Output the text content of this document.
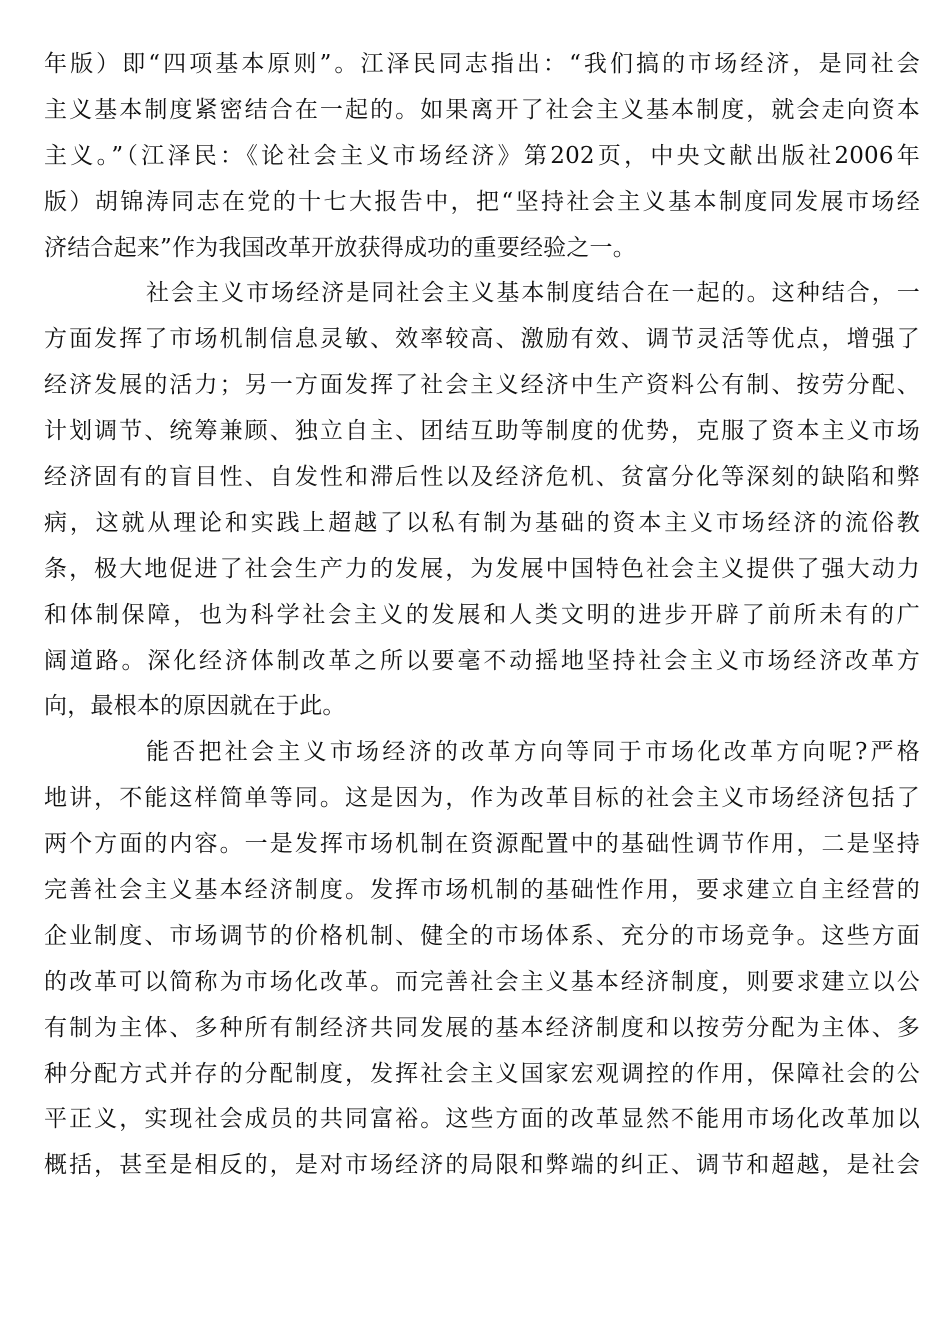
年版）即“四项基本原则”。江泽民同志指出：“我们搞的市场经济，是同社会
主义基本制度紧密结合在一起的。如果离开了社会主义基本制度，就会走向资本
主义。”（江泽民：《论社会主义市场经济》第202页，中央文献出版社2006年
版）胡锦涛同志在党的十七大报告中，把“坚持社会主义基本制度同发展市场经
济结合起来”作为我国改革开放获得成功的重要经验之一。
社会主义市场经济是同社会主义基本制度结合在一起的。这种结合，一
方面发挥了市场机制信息灵敏、效率较高、激励有效、调节灵活等优点，增强了
经济发展的活力；另一方面发挥了社会主义经济中生产资料公有制、按劳分配、
计划调节、统筹兼顾、独立自主、团结互助等制度的优势，克服了资本主义市场
经济固有的盲目性、自发性和滞后性以及经济危机、贫富分化等深刻的缺陷和弊
病，这就从理论和实践上超越了以私有制为基础的资本主义市场经济的流俗教
条，极大地促进了社会生产力的发展，为发展中国特色社会主义提供了强大动力
和体制保障，也为科学社会主义的发展和人类文明的进步开辟了前所未有的广
阔道路。深化经济体制改革之所以要毫不动摇地坚持社会主义市场经济改革方
向，最根本的原因就在于此。
能否把社会主义市场经济的改革方向等同于市场化改革方向呢?严格
地讲，不能这样简单等同。这是因为，作为改革目标的社会主义市场经济包括了
两个方面的内容。一是发挥市场机制在资源配置中的基础性调节作用，二是坚持
完善社会主义基本经济制度。发挥市场机制的基础性作用，要求建立自主经营的
企业制度、市场调节的价格机制、健全的市场体系、充分的市场竞争。这些方面
的改革可以简称为市场化改革。而完善社会主义基本经济制度，则要求建立以公
有制为主体、多种所有制经济共同发展的基本经济制度和以按劳分配为主体、多
种分配方式并存的分配制度，发挥社会主义国家宏观调控的作用，保障社会的公
平正义，实现社会成员的共同富裕。这些方面的改革显然不能用市场化改革加以
概括，甚至是相反的，是对市场经济的局限和弊端的纠正、调节和超越，是社会
